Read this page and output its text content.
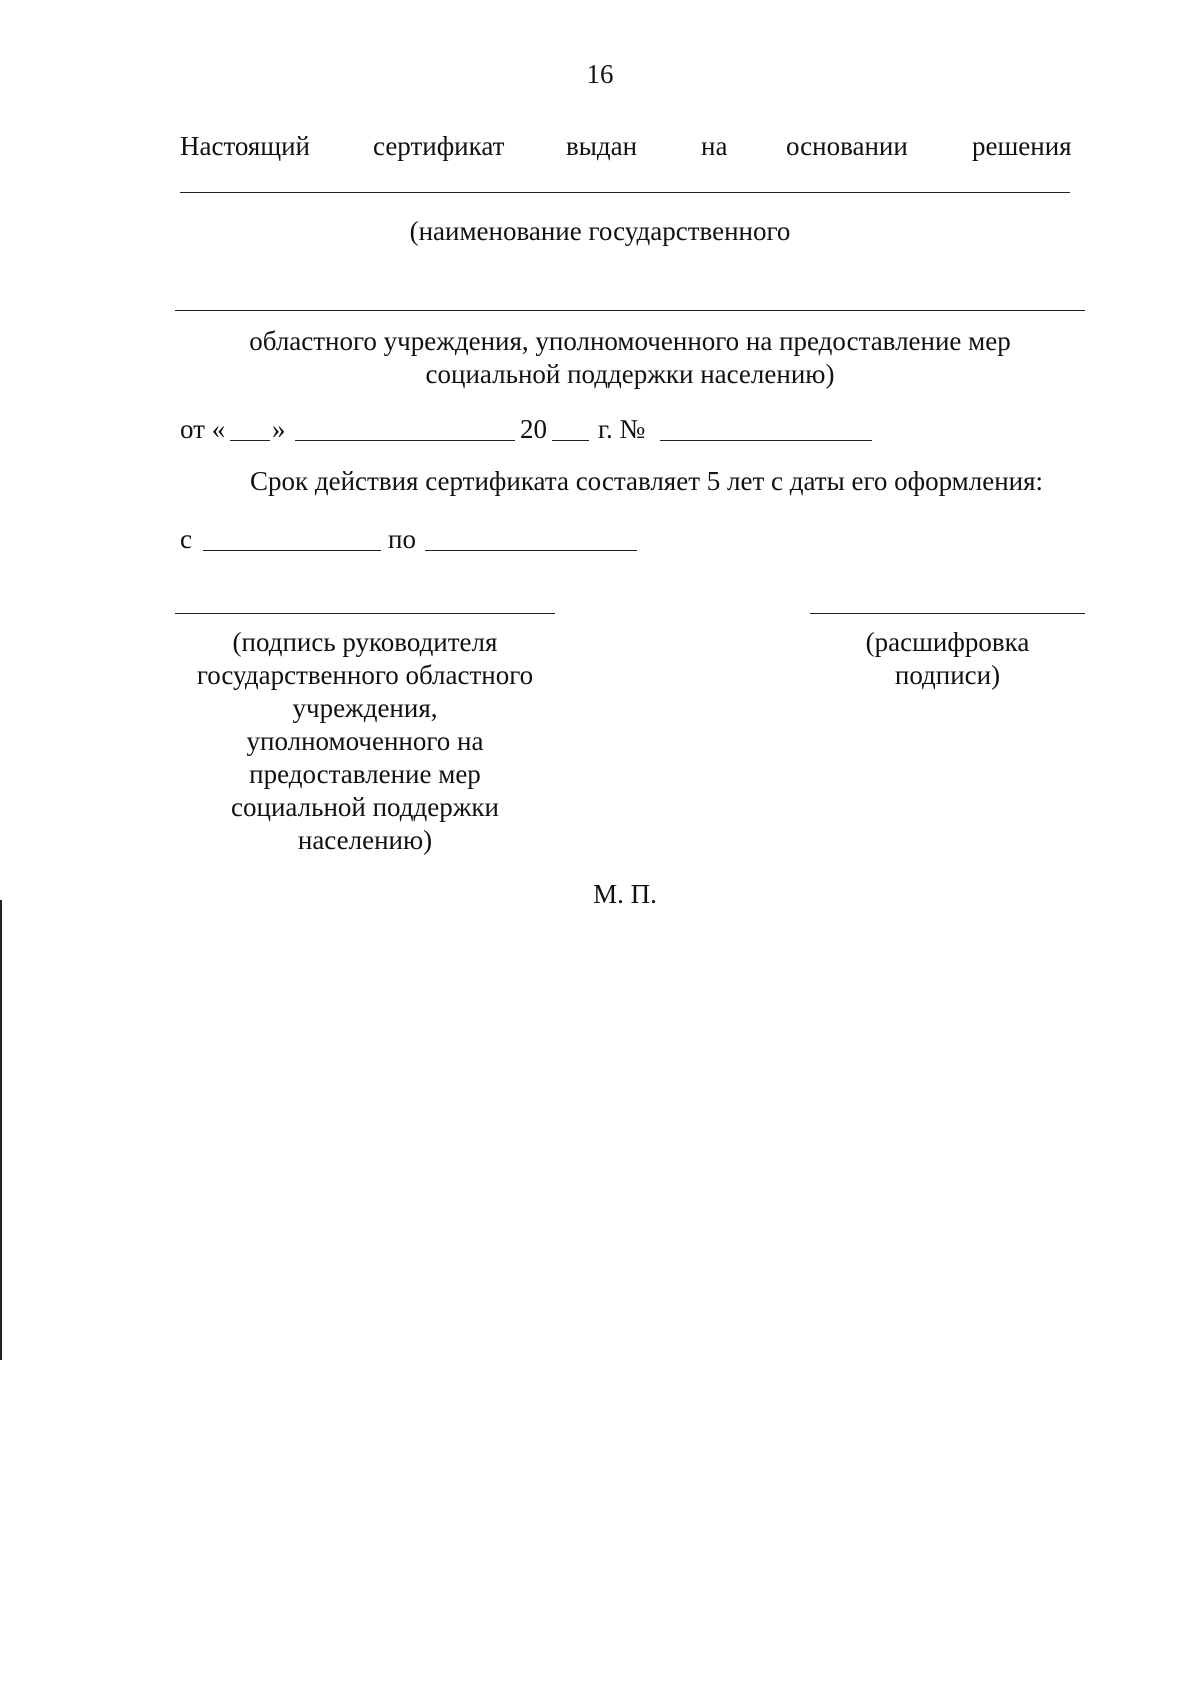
16
Настоящий сертификат выдан на основании решения
(наименование государственного
областного учреждения, уполномоченного на предоставление мер
социальной поддержки населению)
от « »	20 г. №
Срок действия сертификата составляет 5 лет с даты его оформления:
с	по
(подпись руководителя
государственного областного
учреждения,
уполномоченного на
предоставление мер
социальной поддержки
населению)
(расшифровка
подписи)
М. П.
